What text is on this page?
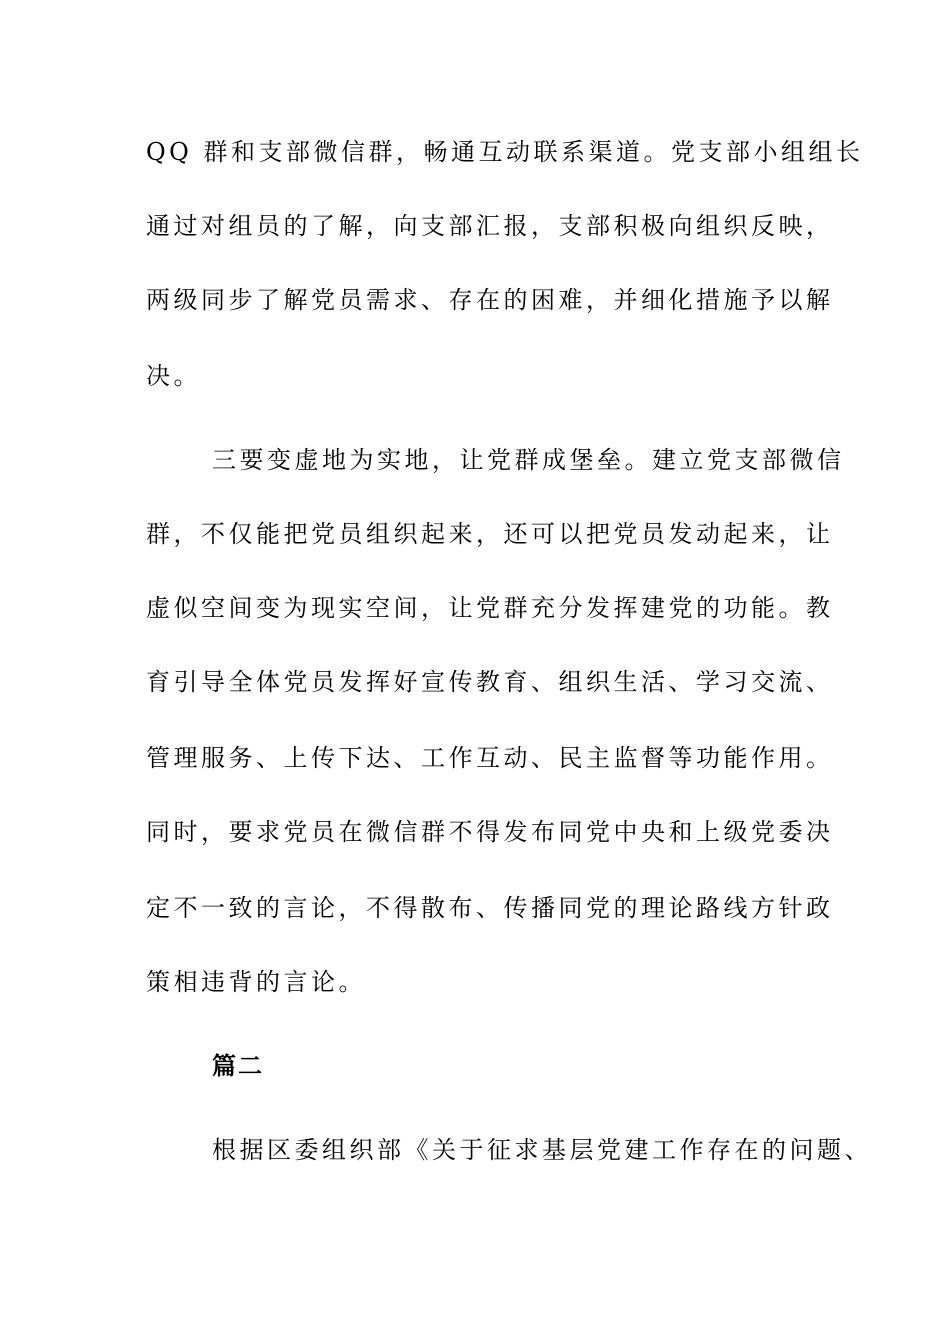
QQ 群和支部微信群，畅通互动联系渠道。党支部小组组长
通过对组员的了解，向支部汇报，支部积极向组织反映，
两级同步了解党员需求、存在的困难，并细化措施予以解
决。
三要变虚地为实地，让党群成堡垒。建立党支部微信
群，不仅能把党员组织起来，还可以把党员发动起来，让
虚似空间变为现实空间，让党群充分发挥建党的功能。教
育引导全体党员发挥好宣传教育、组织生活、学习交流、
管理服务、上传下达、工作互动、民主监督等功能作用。
同时，要求党员在微信群不得发布同党中央和上级党委决
定不一致的言论，不得散布、传播同党的理论路线方针政
策相违背的言论。
篇二
根据区委组织部《关于征求基层党建工作存在的问题、
